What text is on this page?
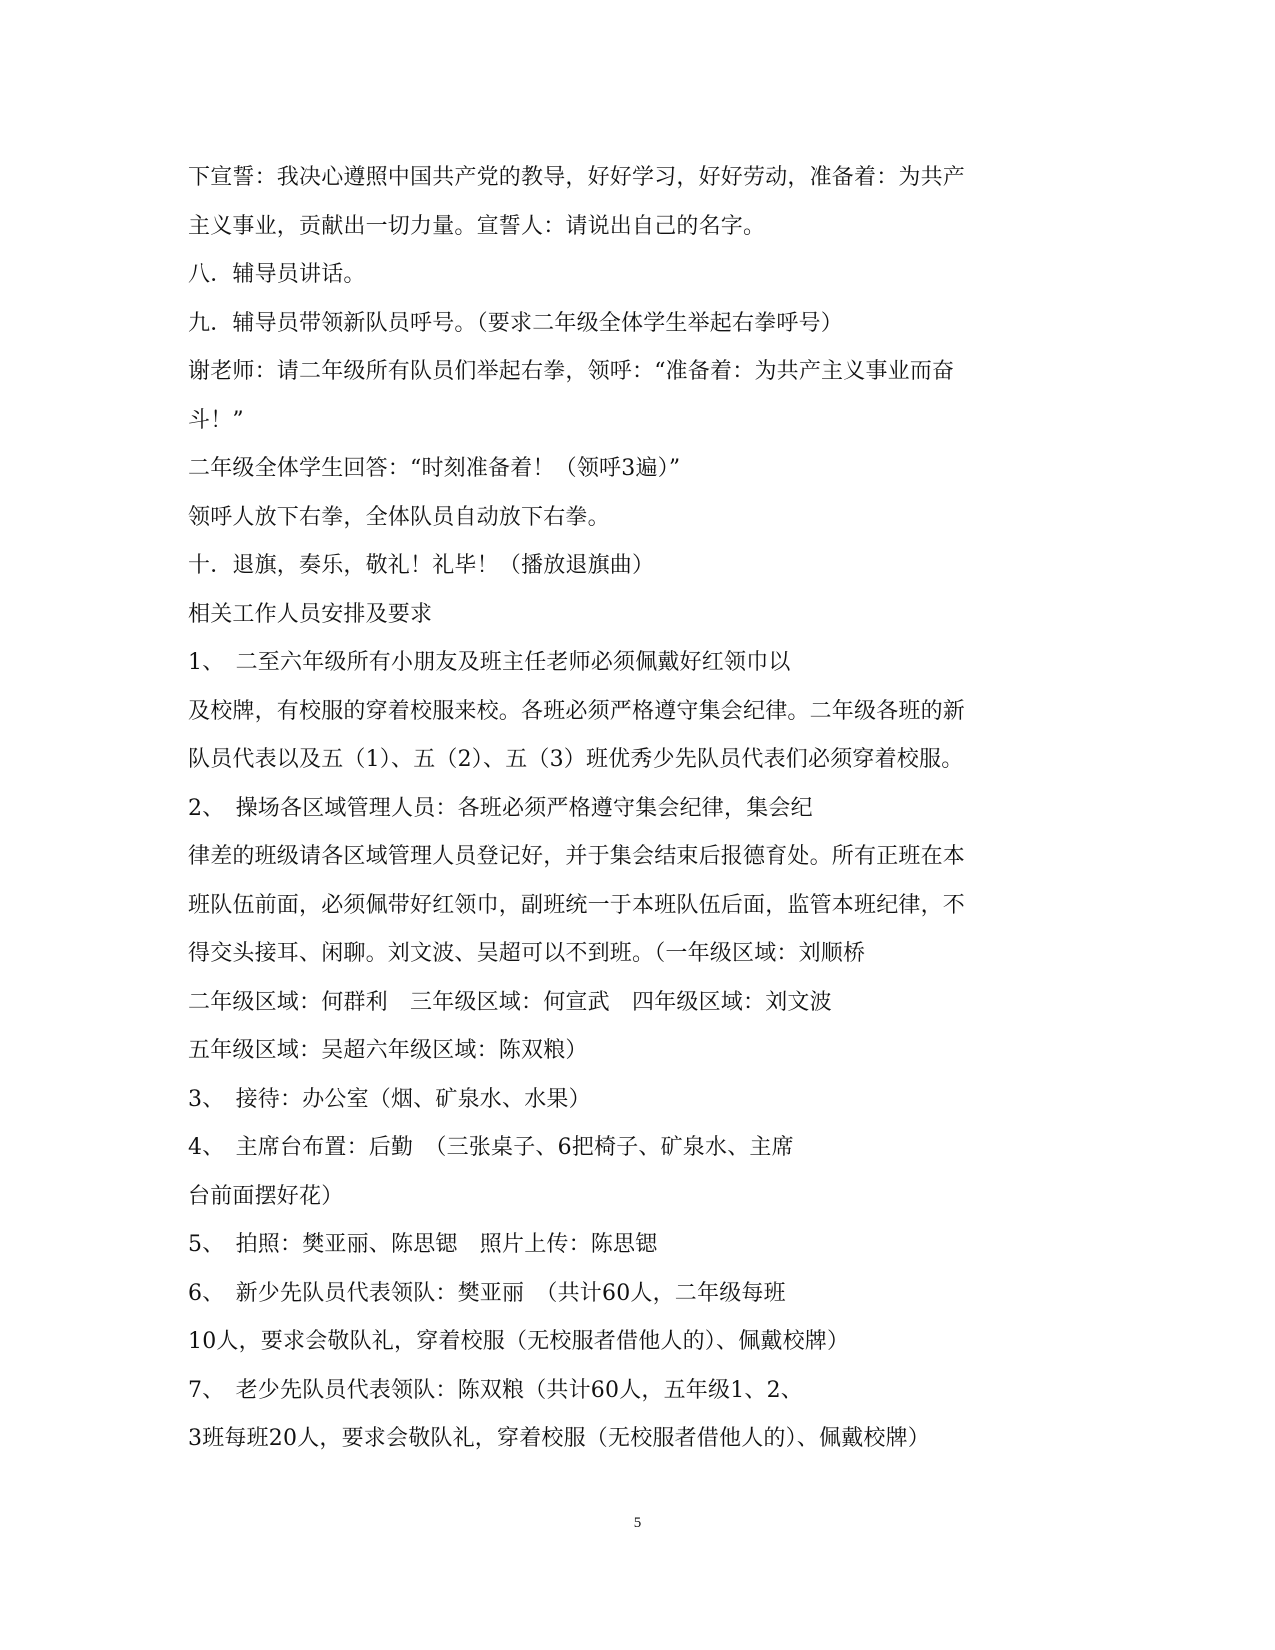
下宣誓：我决心遵照中国共产党的教导，好好学习，好好劳动，准备着：为共产
主义事业，贡献出一切力量。宣誓人：请说出自己的名字。
八．辅导员讲话。
九．辅导员带领新队员呼号。（要求二年级全体学生举起右拳呼号）
谢老师：请二年级所有队员们举起右拳，领呼：“准备着：为共产主义事业而奋
斗！”
二年级全体学生回答：“时刻准备着！（领呼3遍）”
领呼人放下右拳，全体队员自动放下右拳。
十．退旗，奏乐，敬礼！礼毕！（播放退旗曲）
相关工作人员安排及要求
1、　二至六年级所有小朋友及班主任老师必须佩戴好红领巾以
及校牌，有校服的穿着校服来校。各班必须严格遵守集会纪律。二年级各班的新
队员代表以及五（1）、五（2）、五（3）班优秀少先队员代表们必须穿着校服。
2、　操场各区域管理人员：各班必须严格遵守集会纪律，集会纪
律差的班级请各区域管理人员登记好，并于集会结束后报德育处。所有正班在本
班队伍前面，必须佩带好红领巾，副班统一于本班队伍后面，监管本班纪律，不
得交头接耳、闲聊。刘文波、吴超可以不到班。（一年级区域：刘顺桥
二年级区域：何群利　三年级区域：何宣武　四年级区域：刘文波
五年级区域：吴超六年级区域：陈双粮）
3、　接待：办公室（烟、矿泉水、水果）
4、　主席台布置：后勤　（三张桌子、6把椅子、矿泉水、主席
台前面摆好花）
5、　拍照：樊亚丽、陈思锶　照片上传：陈思锶
6、　新少先队员代表领队：樊亚丽　（共计60人，二年级每班
10人，要求会敬队礼，穿着校服（无校服者借他人的）、佩戴校牌）
7、　老少先队员代表领队：陈双粮（共计60人，五年级1、2、
3班每班20人，要求会敬队礼，穿着校服（无校服者借他人的）、佩戴校牌）
5
